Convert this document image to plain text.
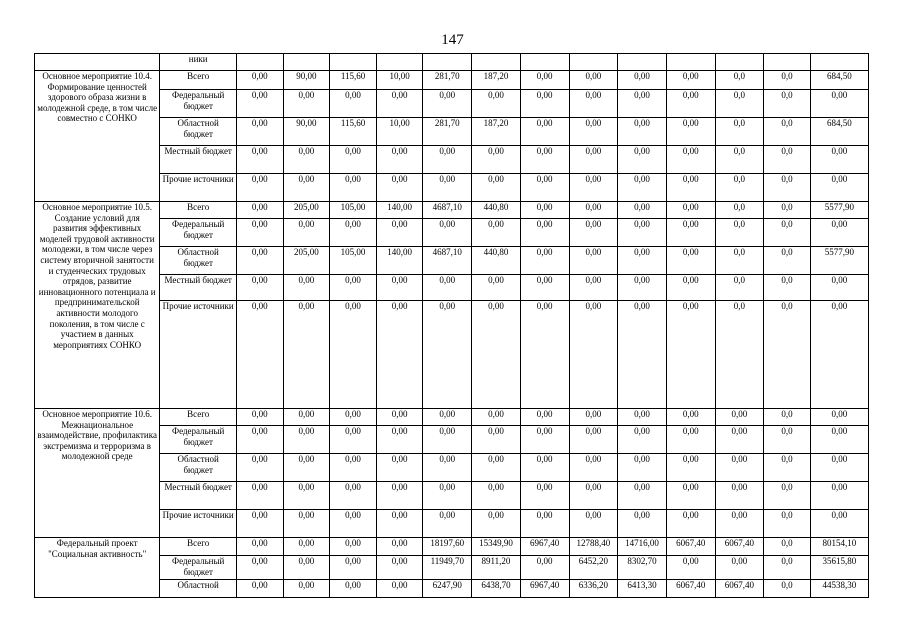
147
	ники													
Основное мероприятие 10.4. Формирование ценностей здорового образа жизни в молодежной среде, в том числе совместно с СОНКО	Всего	0,00	90,00	115,60	10,00	281,70	187,20	0,00	0,00	0,00	0,00	0,0	0,0	684,50
	Федеральный бюджет	0,00	0,00	0,00	0,00	0,00	0,00	0,00	0,00	0,00	0,00	0,0	0,0	0,00
	Областной бюджет	0,00	90,00	115,60	10,00	281,70	187,20	0,00	0,00	0,00	0,00	0,0	0,0	684,50
	Местный бюджет	0,00	0,00	0,00	0,00	0,00	0,00	0,00	0,00	0,00	0,00	0,0	0,0	0,00
	Прочие источники	0,00	0,00	0,00	0,00	0,00	0,00	0,00	0,00	0,00	0,00	0,0	0,0	0,00
Основное мероприятие 10.5. Создание условий для развития эффективных моделей трудовой активности молодежи, в том числе через систему вторичной занятости и студенческих трудовых отрядов, развитие инновационного потенциала и предпринимательской активности молодого поколения, в том числе с участием в данных мероприятиях СОНКО	Всего	0,00	205,00	105,00	140,00	4687,10	440,80	0,00	0,00	0,00	0,00	0,0	0,0	5577,90
	Федеральный бюджет	0,00	0,00	0,00	0,00	0,00	0,00	0,00	0,00	0,00	0,00	0,0	0,0	0,00
	Областной бюджет	0,00	205,00	105,00	140,00	4687,10	440,80	0,00	0,00	0,00	0,00	0,0	0,0	5577,90
	Местный бюджет	0,00	0,00	0,00	0,00	0,00	0,00	0,00	0,00	0,00	0,00	0,0	0,0	0,00
	Прочие источники	0,00	0,00	0,00	0,00	0,00	0,00	0,00	0,00	0,00	0,00	0,0	0,0	0,00
Основное мероприятие 10.6. Межнациональное взаимодействие, профилактика экстремизма и терроризма в молодежной среде	Всего	0,00	0,00	0,00	0,00	0,00	0,00	0,00	0,00	0,00	0,00	0,00	0,0	0,00
	Федеральный бюджет	0,00	0,00	0,00	0,00	0,00	0,00	0,00	0,00	0,00	0,00	0,00	0,0	0,00
	Областной бюджет	0,00	0,00	0,00	0,00	0,00	0,00	0,00	0,00	0,00	0,00	0,00	0,0	0,00
	Местный бюджет	0,00	0,00	0,00	0,00	0,00	0,00	0,00	0,00	0,00	0,00	0,00	0,0	0,00
	Прочие источники	0,00	0,00	0,00	0,00	0,00	0,00	0,00	0,00	0,00	0,00	0,00	0,0	0,00
Федеральный проект "Социальная активность"	Всего	0,00	0,00	0,00	0,00	18197,60	15349,90	6967,40	12788,40	14716,00	6067,40	6067,40	0,0	80154,10
	Федеральный бюджет	0,00	0,00	0,00	0,00	11949,70	8911,20	0,00	6452,20	8302,70	0,00	0,00	0,0	35615,80
	Областной	0,00	0,00	0,00	0,00	6247,90	6438,70	6967,40	6336,20	6413,30	6067,40	6067,40	0,0	44538,30
